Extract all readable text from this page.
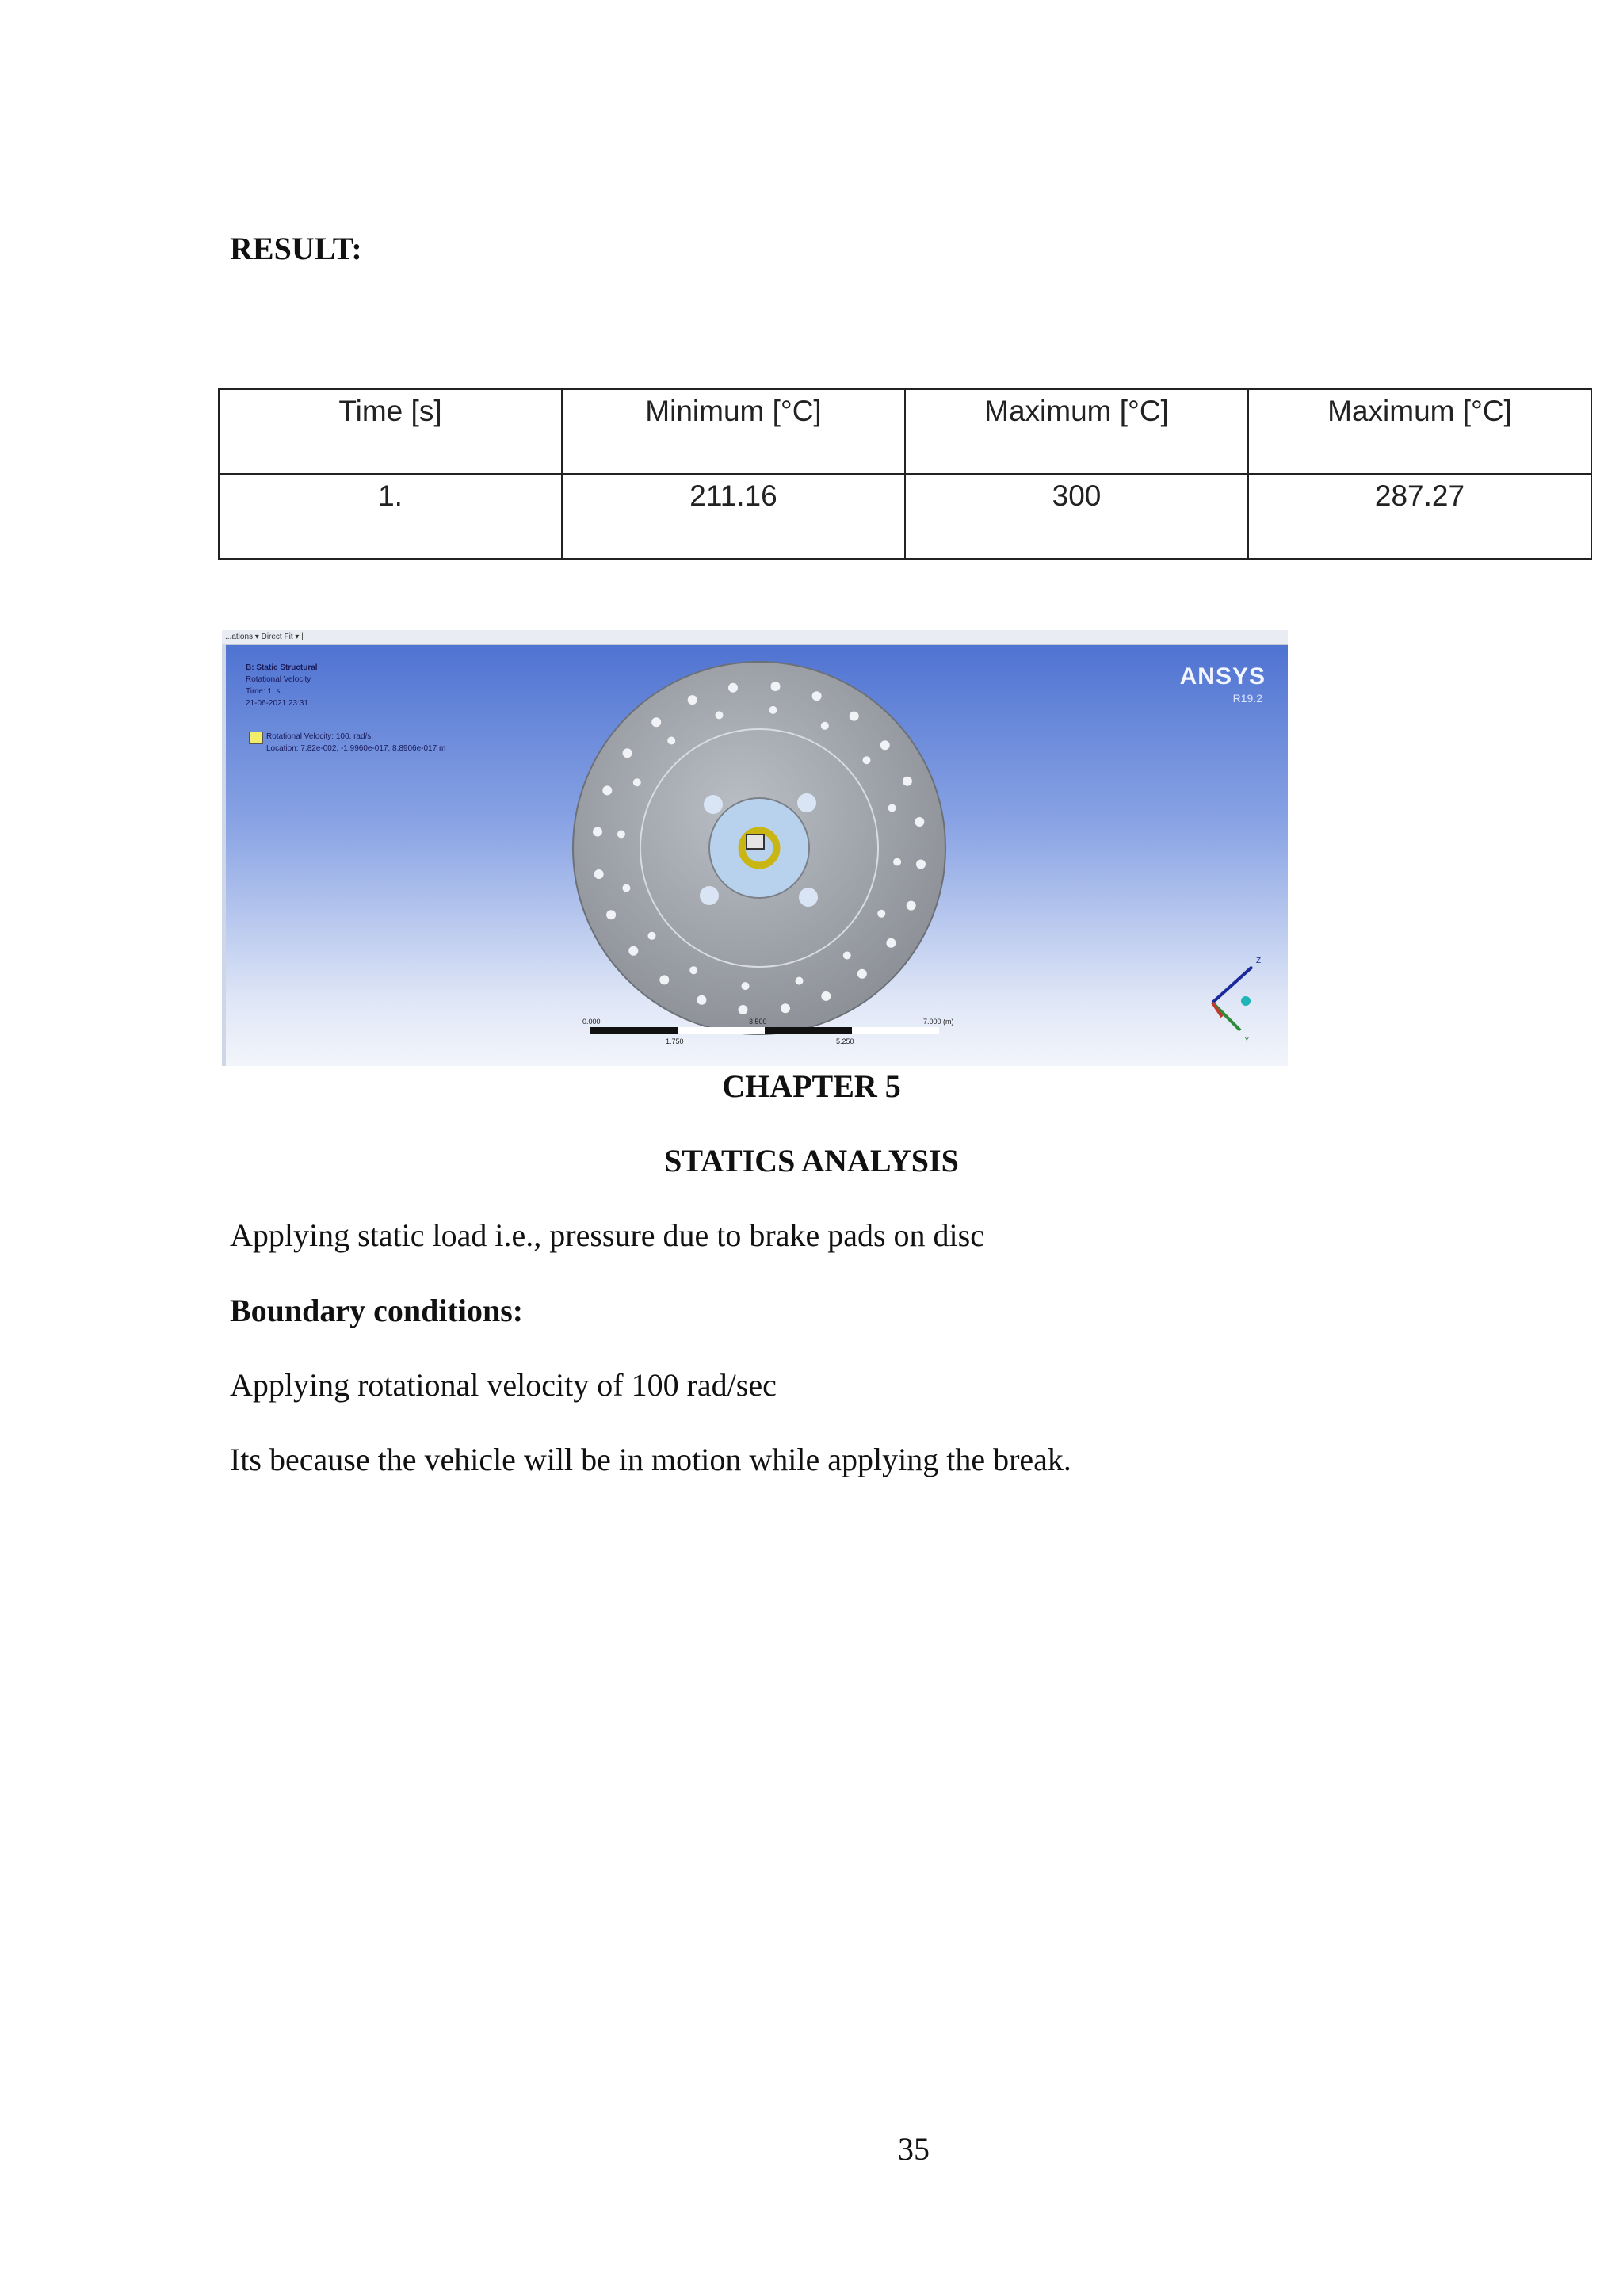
RESULT:
Time [s]	Minimum [°C]	Maximum [°C]	Maximum [°C]
1.	211.16	300	287.27
...ations ▾ Direct Fit ▾ |
0.000	3.500	7.000 (m)
1.750	5.250
Z
Y
B: Static Structural
Rotational Velocity
Time: 1. s
21-06-2021 23:31
Rotational Velocity: 100. rad/s
Location: 7.82e-002, -1.9960e-017, 8.8906e-017 m
ANSYS
R19.2
CHAPTER 5
STATICS ANALYSIS
Applying static load i.e., pressure due to brake pads on disc
Boundary conditions:
Applying rotational velocity of 100 rad/sec
Its because the vehicle will be in motion while applying the break.
35
